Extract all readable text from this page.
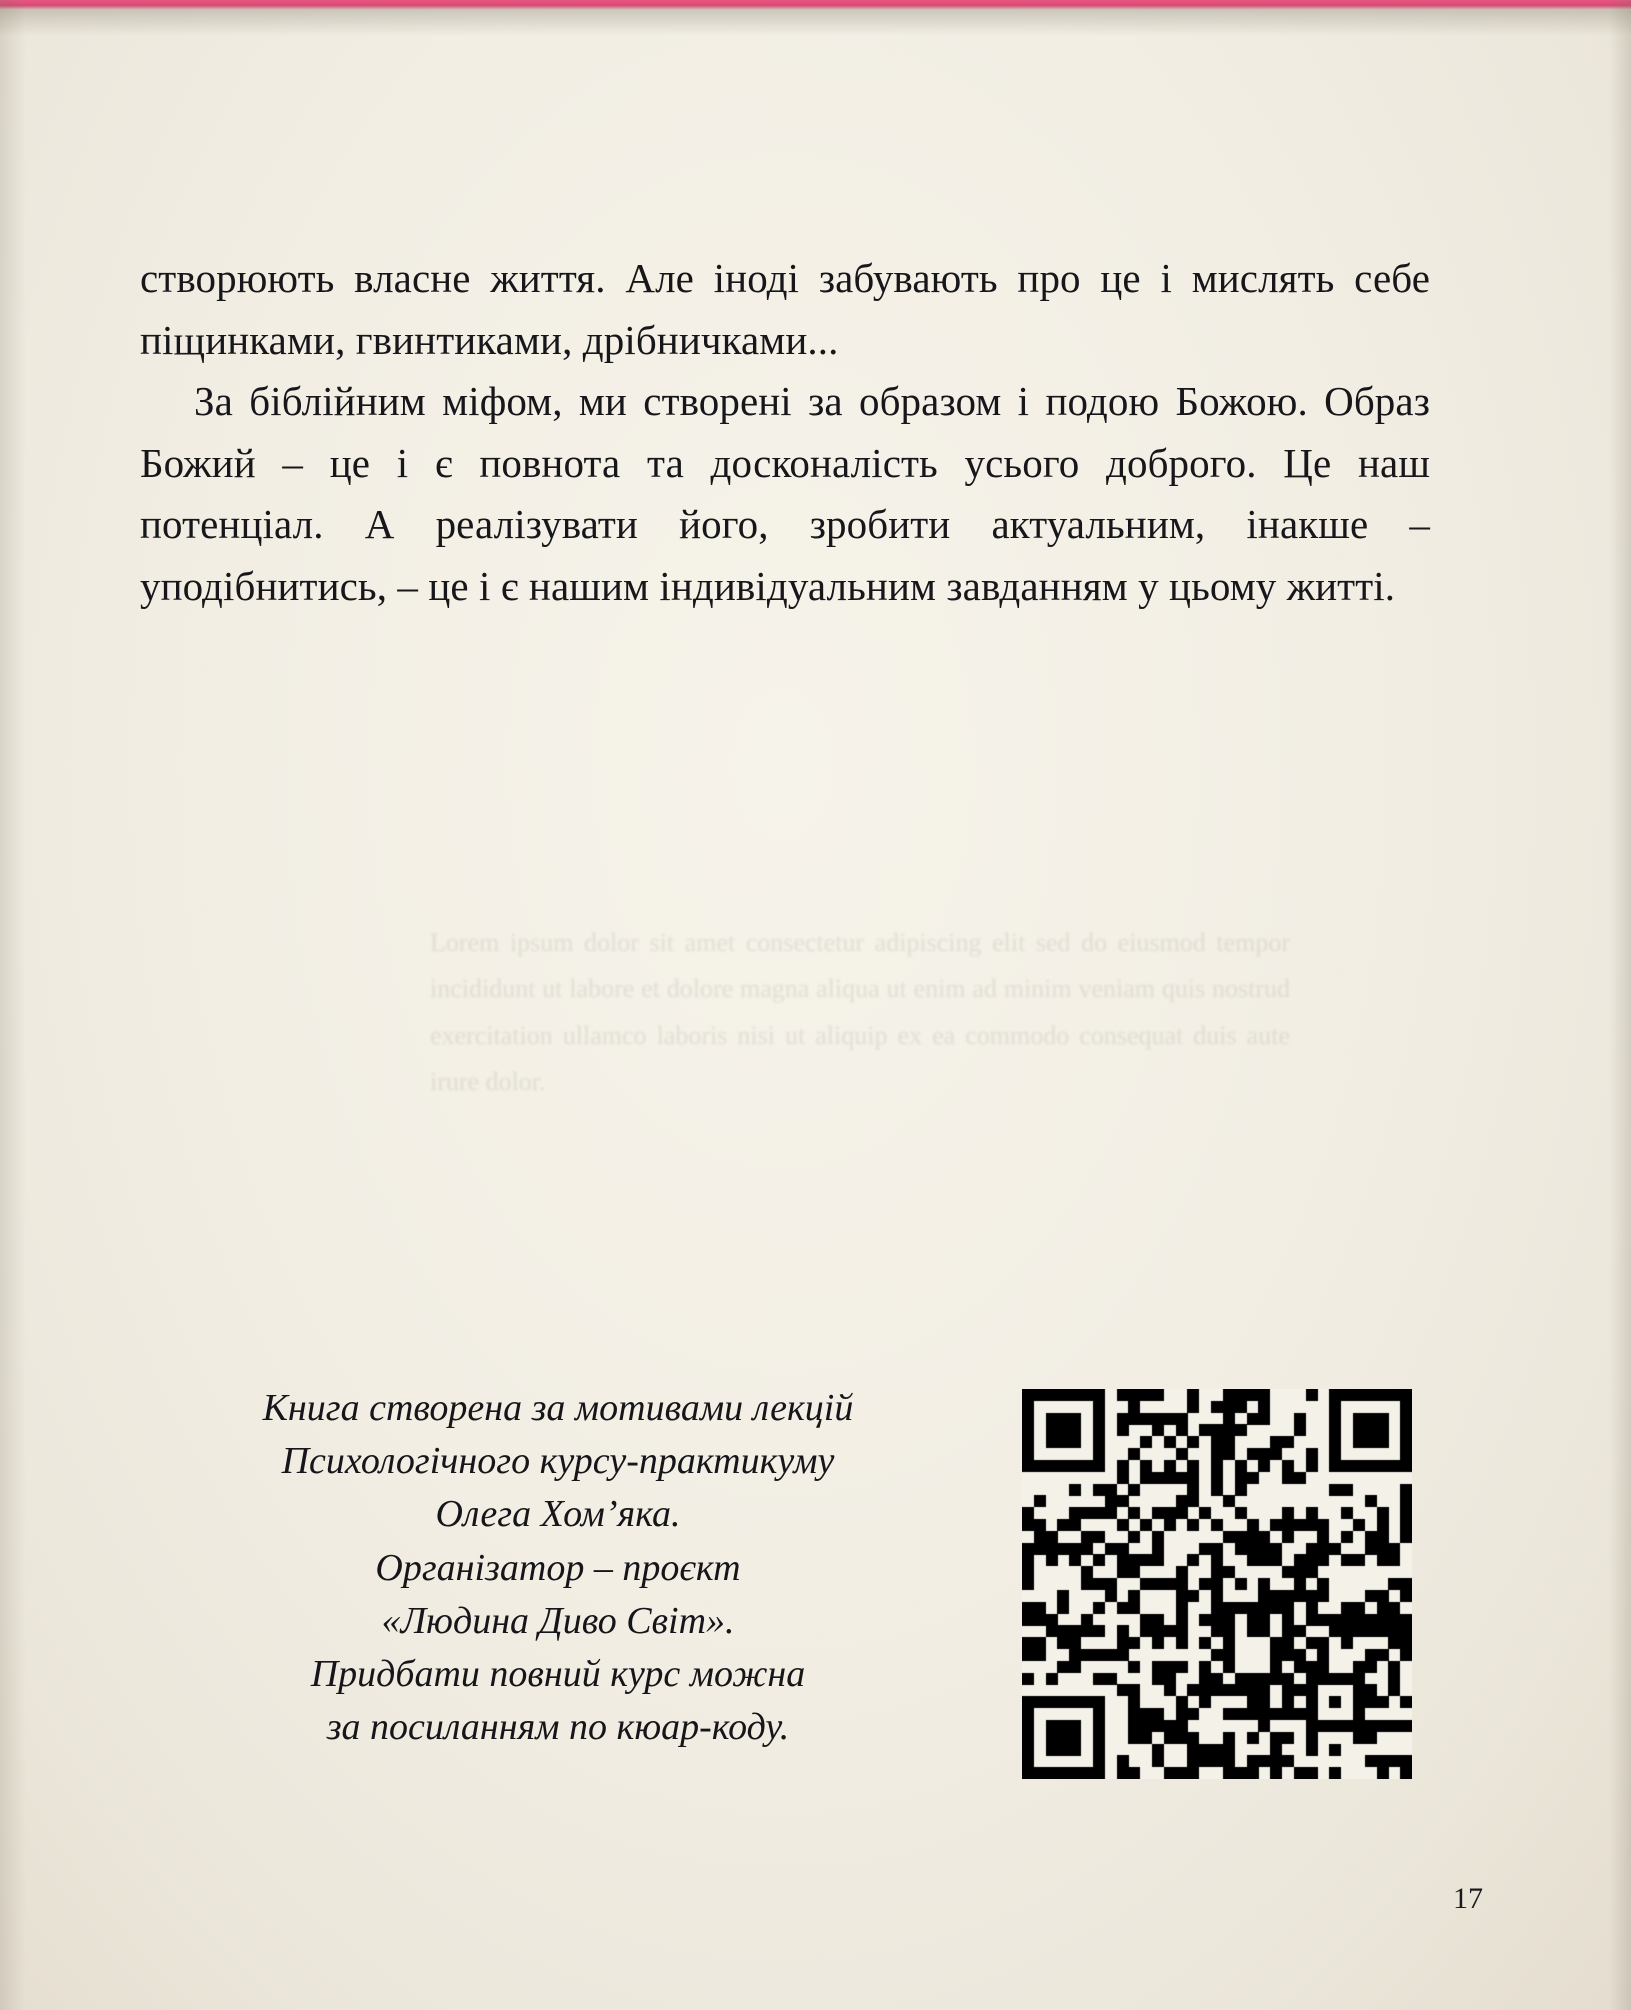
створюють власне життя. Але іноді забувають про це і мислять себе піщинками, гвинтиками, дрібничками...

За біблійним міфом, ми створені за образом і подою Божою. Образ Божий – це і є повнота та досконалість усього доброго. Це наш потенціал. А реалізувати його, зробити актуальним, інакше – уподібнитись, – це і є нашим індивідуальним завданням у цьому житті.

Книга створена за мотивами лекцій
Психологічного курсу-практикуму
Олега Хом’яка.
Організатор – проєкт
«Людина Диво Світ».
Придбати повний курс можна
за посиланням по кюар-коду.
17
